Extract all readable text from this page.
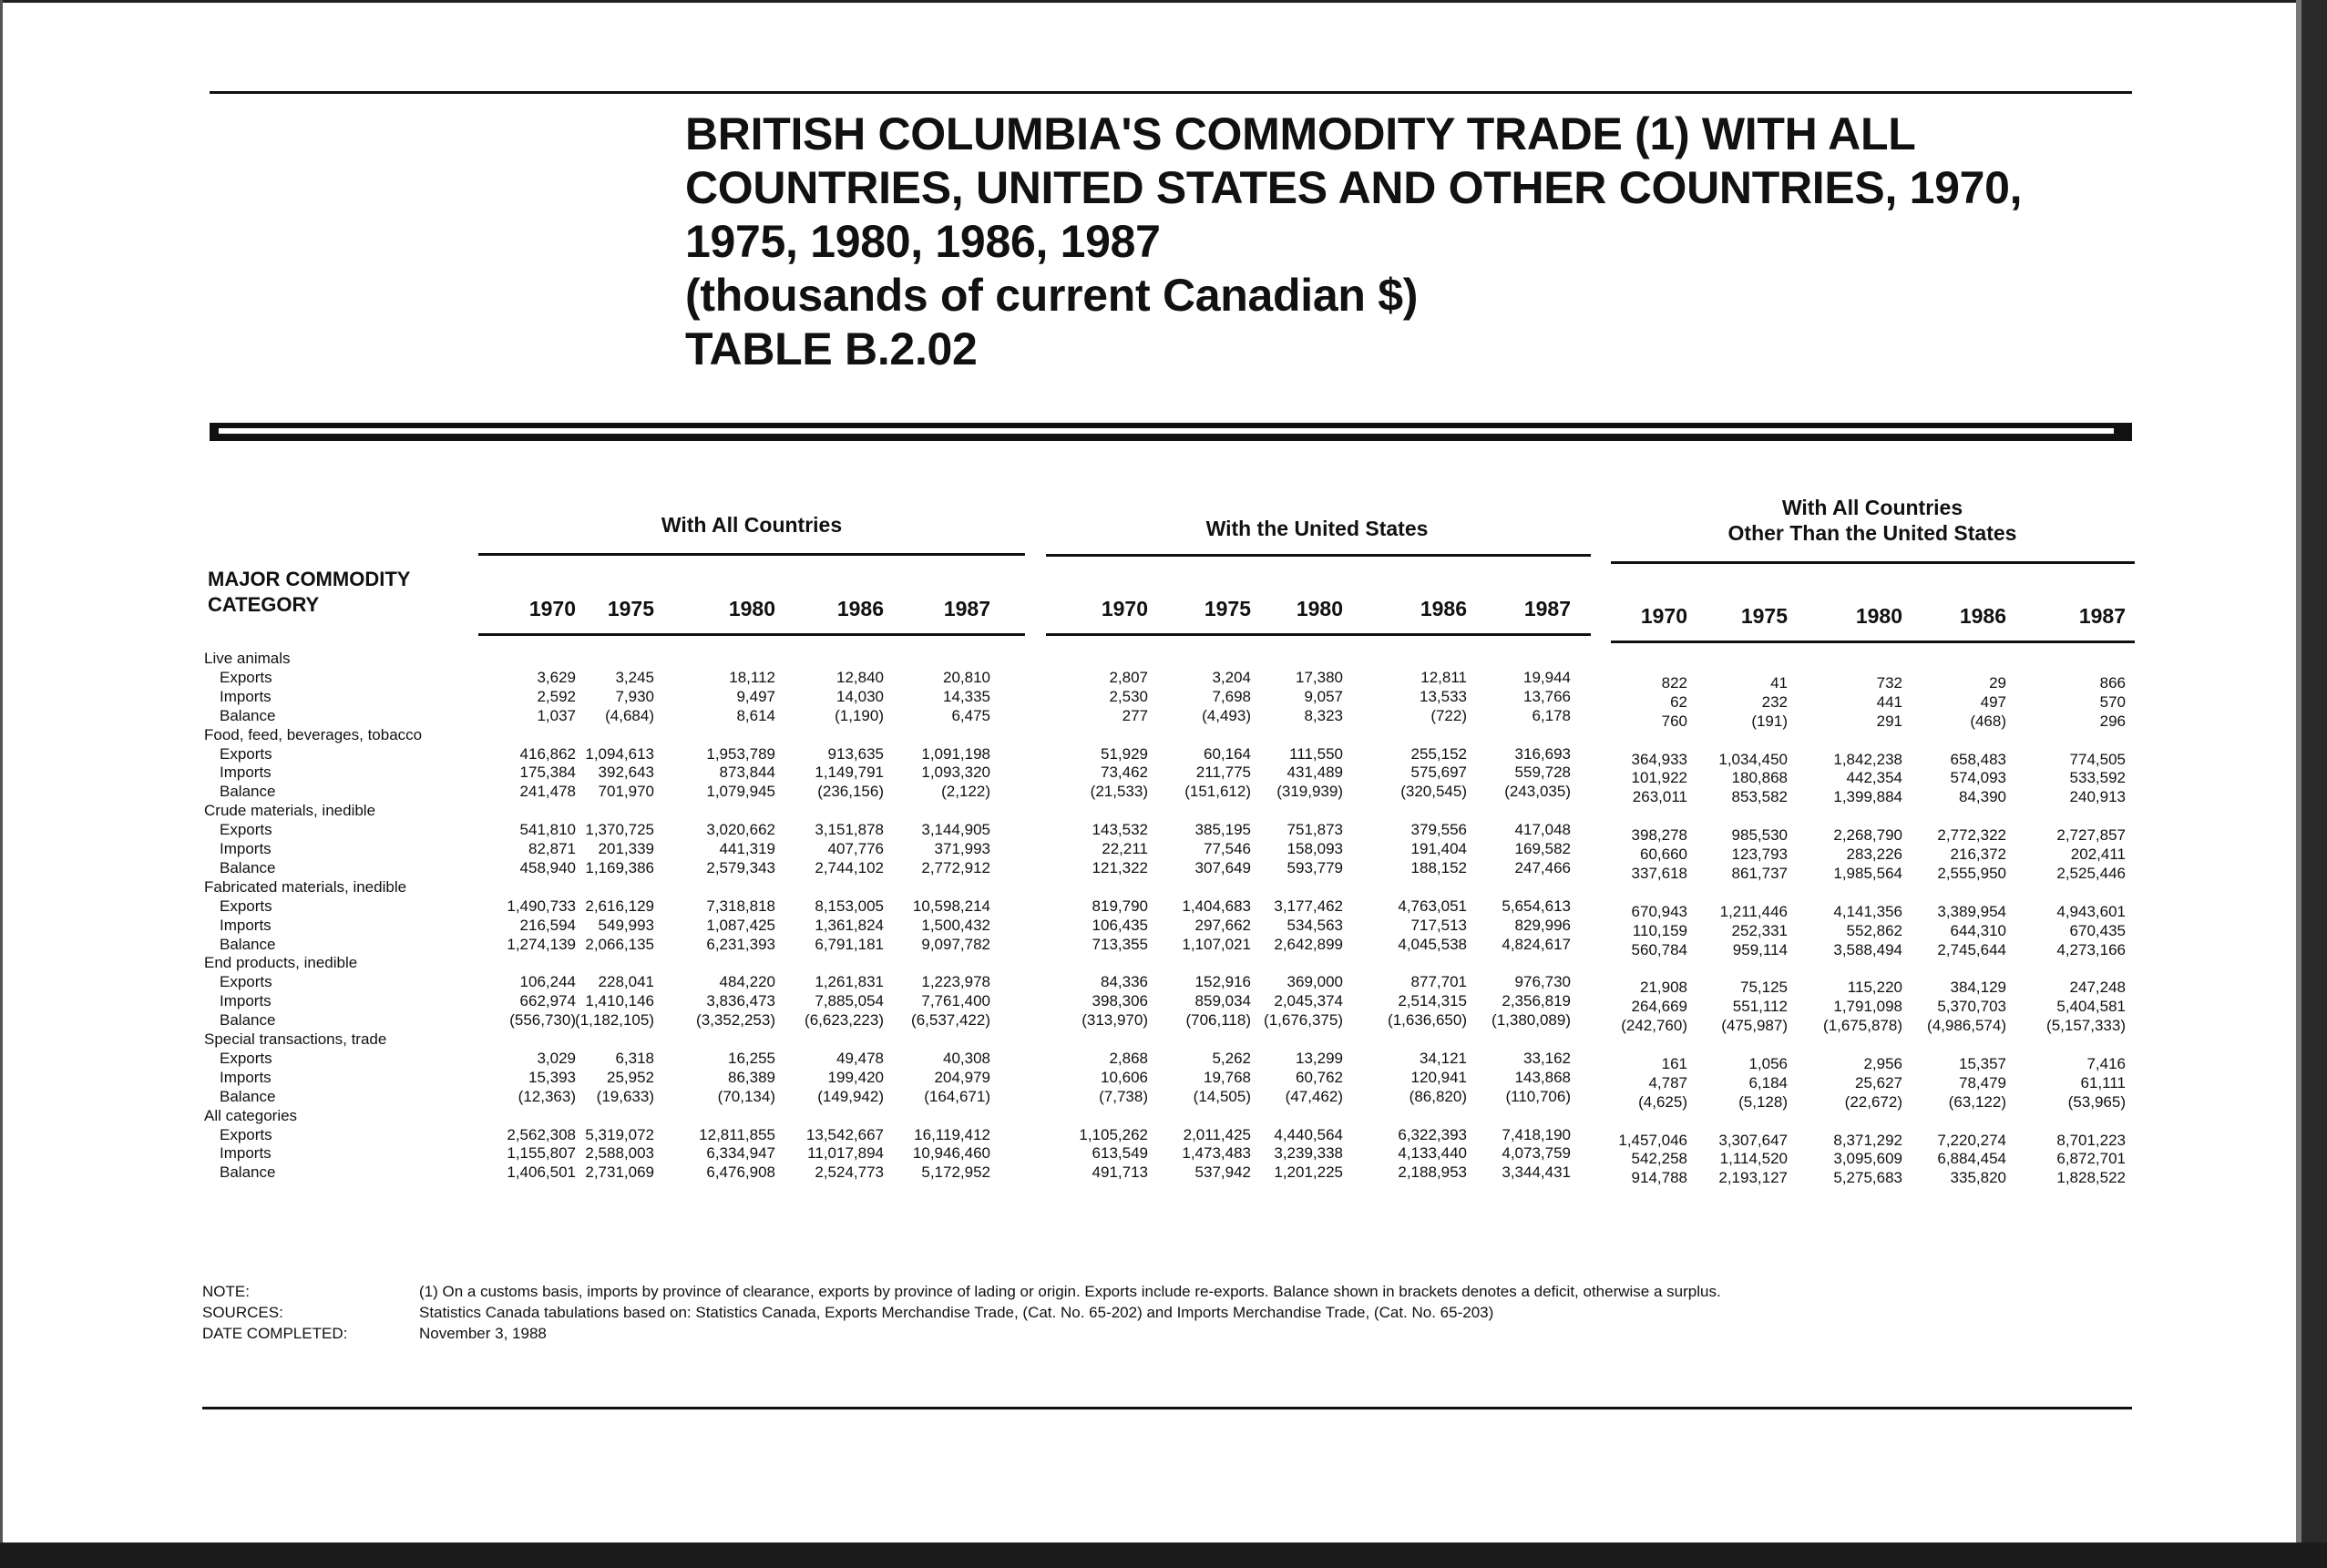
BRITISH COLUMBIA'S COMMODITY TRADE (1) WITH ALL
COUNTRIES, UNITED STATES AND OTHER COUNTRIES, 1970,
1975, 1980, 1986, 1987
(thousands of current Canadian $)
TABLE B.2.02
With All Countries	With the United States
With All Countries
Other Than the United States
MAJOR COMMODITY
CATEGORY	1970	1975	1980	1986	1987	1970	1975	1980	1986	1987	1970	1975	1980	1986	1987
Live animals
Exports	3,629	3,245	18,112	12,840	20,810	2,807	3,204	17,380	12,811	19,944	822	41	732	29	866
Imports	2,592	7,930	9,497	14,030	14,335	2,530	7,698	9,057	13,533	13,766	62	232	441	497	570
Balance	1,037	(4,684)	8,614	(1,190)	6,475	277	(4,493)	8,323	(722)	6,178	760	(191)	291	(468)	296
Food, feed, beverages, tobacco
Exports	416,862 1,094,613	1,953,789	913,635	1,091,198	51,929	60,164	111,550	255,152	316,693	364,933	1,034,450	1,842,238	658,483	774,505
Imports	175,384	392,643	873,844	1,149,791	1,093,320	73,462	211,775	431,489	575,697	559,728	101,922	180,868	442,354	574,093	533,592
Balance	241,478	701,970	1,079,945	(236,156)	(2,122)	(21,533)	(151,612)	(319,939)	(320,545)	(243,035)	263,011	853,582	1,399,884	84,390	240,913
Crude materials, inedible
Exports	541,810 1,370,725	3,020,662	3,151,878	3,144,905	143,532	385,195	751,873	379,556	417,048	398,278	985,530	2,268,790	2,772,322	2,727,857
Imports	82,871	201,339	441,319	407,776	371,993	22,211	77,546	158,093	191,404	169,582	60,660	123,793	283,226	216,372	202,411
Balance	458,940 1,169,386	2,579,343	2,744,102	2,772,912	121,322	307,649	593,779	188,152	247,466	337,618	861,737	1,985,564	2,555,950	2,525,446
Fabricated materials, inedible
Exports	1,490,733 2,616,129	7,318,818	8,153,005	10,598,214	819,790	1,404,683	3,177,462	4,763,051	5,654,613	670,943	1,211,446	4,141,356	3,389,954	4,943,601
Imports	216,594	549,993	1,087,425	1,361,824	1,500,432	106,435	297,662	534,563	717,513	829,996	110,159	252,331	552,862	644,310	670,435
Balance	1,274,139 2,066,135	6,231,393	6,791,181	9,097,782	713,355	1,107,021	2,642,899	4,045,538	4,824,617	560,784	959,114	3,588,494	2,745,644	4,273,166
End products, inedible
Exports	106,244	228,041	484,220	1,261,831	1,223,978	84,336	152,916	369,000	877,701	976,730	21,908	75,125	115,220	384,129	247,248
Imports	662,974 1,410,146	3,836,473	7,885,054	7,761,400	398,306	859,034	2,045,374	2,514,315	2,356,819	264,669	551,112	1,791,098	5,370,703	5,404,581
Balance	(556,730) (1,182,105)	(3,352,253)	(6,623,223)	(6,537,422)	(313,970)	(706,118) (1,676,375)	(1,636,650)	(1,380,089)	(242,760)	(475,987)	(1,675,878)	(4,986,574)	(5,157,333)
Special transactions, trade
Exports	3,029	6,318	16,255	49,478	40,308	2,868	5,262	13,299	34,121	33,162	161	1,056	2,956	15,357	7,416
Imports	15,393	25,952	86,389	199,420	204,979	10,606	19,768	60,762	120,941	143,868	4,787	6,184	25,627	78,479	61,111
Balance	(12,363)	(19,633)	(70,134)	(149,942)	(164,671)	(7,738)	(14,505)	(47,462)	(86,820)	(110,706)	(4,625)	(5,128)	(22,672)	(63,122)	(53,965)
All categories
Exports	2,562,308 5,319,072	12,811,855	13,542,667	16,119,412	1,105,262	2,011,425	4,440,564	6,322,393	7,418,190	1,457,046	3,307,647	8,371,292	7,220,274	8,701,223
Imports	1,155,807 2,588,003	6,334,947	11,017,894	10,946,460	613,549	1,473,483	3,239,338	4,133,440	4,073,759	542,258	1,114,520	3,095,609	6,884,454	6,872,701
Balance	1,406,501 2,731,069	6,476,908	2,524,773	5,172,952	491,713	537,942	1,201,225	2,188,953	3,344,431	914,788	2,193,127	5,275,683	335,820	1,828,522
NOTE:	(1) On a customs basis, imports by province of clearance, exports by province of lading or origin. Exports include re-exports. Balance shown in brackets denotes a deficit, otherwise a surplus.
SOURCES:	Statistics Canada tabulations based on: Statistics Canada, Exports Merchandise Trade, (Cat. No. 65-202) and Imports Merchandise Trade, (Cat. No. 65-203)
DATE COMPLETED:	November 3, 1988
